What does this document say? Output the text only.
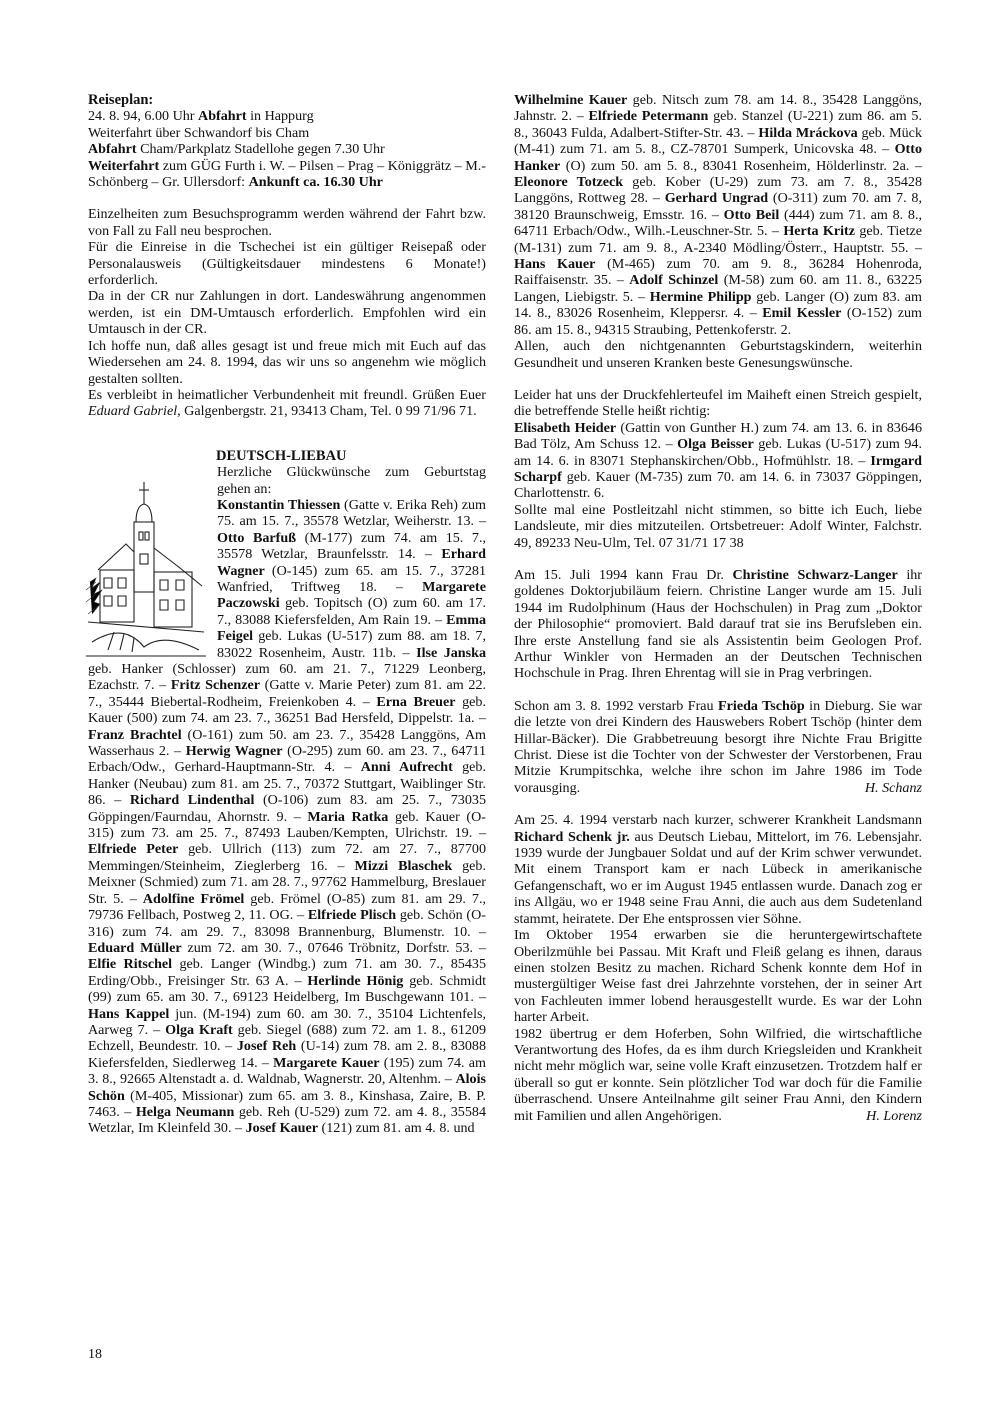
Reiseplan:

24. 8. 94, 6.00 Uhr Abfahrt in Happurg

Weiterfahrt über Schwandorf bis Cham

Abfahrt Cham/Parkplatz Stadellohe gegen 7.30 Uhr

Weiterfahrt zum GÜG Furth i. W. – Pilsen – Prag – Königgrätz – M.-Schönberg – Gr. Ullersdorf: Ankunft ca. 16.30 Uhr

Einzelheiten zum Besuchsprogramm werden während der Fahrt bzw. von Fall zu Fall neu besprochen.

Für die Einreise in die Tschechei ist ein gültiger Reisepaß oder Personalausweis (Gültigkeitsdauer mindestens 6 Monate!) erforderlich.

Da in der CR nur Zahlungen in dort. Landeswährung angenommen werden, ist ein DM-Umtausch erforderlich. Empfohlen wird ein Umtausch in der CR.

Ich hoffe nun, daß alles gesagt ist und freue mich mit Euch auf das Wiedersehen am 24. 8. 1994, das wir uns so angenehm wie möglich gestalten sollten.

Es verbleibt in heimatlicher Verbundenheit mit freundl. Grüßen Euer Eduard Gabriel, Galgenbergstr. 21, 93413 Cham, Tel. 0 99 71/96 71.

DEUTSCH-LIEBAU

Herzliche Glückwünsche zum Geburtstag gehen an:

Konstantin Thiessen (Gatte v. Erika Reh) zum 75. am 15. 7., 35578 Wetzlar, Weiherstr. 13. – Otto Barfuß (M-177) zum 74. am 15. 7., 35578 Wetzlar, Braunfelsstr. 14. – Erhard Wagner (O-145) zum 65. am 15. 7., 37281 Wanfried, Triftweg 18. – Margarete Paczowski geb. Topitsch (O) zum 60. am 17. 7., 83088 Kiefersfelden, Am Rain 19. – Emma Feigel geb. Lukas (U-517) zum 88. am 18. 7, 83022 Rosenheim, Austr. 11b. – Ilse Janska geb. Hanker (Schlosser) zum 60. am 21. 7., 71229 Leonberg, Ezachstr. 7. – Fritz Schenzer (Gatte v. Marie Peter) zum 81. am 22. 7., 35444 Biebertal-Rodheim, Freienkoben 4. – Erna Breuer geb. Kauer (500) zum 74. am 23. 7., 36251 Bad Hersfeld, Dippelstr. 1a. – Franz Brachtel (O-161) zum 50. am 23. 7., 35428 Langgöns, Am Wasserhaus 2. – Herwig Wagner (O-295) zum 60. am 23. 7., 64711 Erbach/Odw., Gerhard-Hauptmann-Str. 4. – Anni Aufrecht geb. Hanker (Neubau) zum 81. am 25. 7., 70372 Stuttgart, Waiblinger Str. 86. – Richard Lindenthal (O-106) zum 83. am 25. 7., 73035 Göppingen/Faurndau, Ahornstr. 9. – Maria Ratka geb. Kauer (O-315) zum 73. am 25. 7., 87493 Lauben/Kempten, Ulrichstr. 19. – Elfriede Peter geb. Ullrich (113) zum 72. am 27. 7., 87700 Memmingen/Steinheim, Zieglerberg 16. – Mizzi Blaschek geb. Meixner (Schmied) zum 71. am 28. 7., 97762 Hammelburg, Breslauer Str. 5. – Adolfine Frömel geb. Frömel (O-85) zum 81. am 29. 7., 79736 Fellbach, Postweg 2, 11. OG. – Elfriede Plisch geb. Schön (O-316) zum 74. am 29. 7., 83098 Brannenburg, Blumenstr. 10. – Eduard Müller zum 72. am 30. 7., 07646 Tröbnitz, Dorfstr. 53. – Elfie Ritschel geb. Langer (Windbg.) zum 71. am 30. 7., 85435 Erding/Obb., Freisinger Str. 63 A. – Herlinde Hönig geb. Schmidt (99) zum 65. am 30. 7., 69123 Heidelberg, Im Buschgewann 101. – Hans Kappel jun. (M-194) zum 60. am 30. 7., 35104 Lichtenfels, Aarweg 7. – Olga Kraft geb. Siegel (688) zum 72. am 1. 8., 61209 Echzell, Beundestr. 10. – Josef Reh (U-14) zum 78. am 2. 8., 83088 Kiefersfelden, Siedlerweg 14. – Margarete Kauer (195) zum 74. am 3. 8., 92665 Altenstadt a. d. Waldnab, Wagnerstr. 20, Altenhm. – Alois Schön (M-405, Missionar) zum 65. am 3. 8., Kinshasa, Zaire, B. P. 7463. – Helga Neumann geb. Reh (U-529) zum 72. am 4. 8., 35584 Wetzlar, Im Kleinfeld 30. – Josef Kauer (121) zum 81. am 4. 8. und

Wilhelmine Kauer geb. Nitsch zum 78. am 14. 8., 35428 Langgöns, Jahnstr. 2. – Elfriede Petermann geb. Stanzel (U-221) zum 86. am 5. 8., 36043 Fulda, Adalbert-Stifter-Str. 43. – Hilda Mráckova geb. Mück (M-41) zum 71. am 5. 8., CZ-78701 Sumperk, Unicovska 48. – Otto Hanker (O) zum 50. am 5. 8., 83041 Rosenheim, Hölderlinstr. 2a. – Eleonore Totzeck geb. Kober (U-29) zum 73. am 7. 8., 35428 Langgöns, Rottweg 28. – Gerhard Ungrad (O-311) zum 70. am 7. 8, 38120 Braunschweig, Emsstr. 16. – Otto Beil (444) zum 71. am 8. 8., 64711 Erbach/Odw., Wilh.-Leuschner-Str. 5. – Herta Kritz geb. Tietze (M-131) zum 71. am 9. 8., A-2340 Mödling/Österr., Hauptstr. 55. – Hans Kauer (M-465) zum 70. am 9. 8., 36284 Hohenroda, Raiffaisenstr. 35. – Adolf Schinzel (M-58) zum 60. am 11. 8., 63225 Langen, Liebigstr. 5. – Hermine Philipp geb. Langer (O) zum 83. am 14. 8., 83026 Rosenheim, Kleppersr. 4. – Emil Kessler (O-152) zum 86. am 15. 8., 94315 Straubing, Pettenkoferstr. 2.

Allen, auch den nichtgenannten Geburtstagskindern, weiterhin Gesundheit und unseren Kranken beste Genesungswünsche.

Leider hat uns der Druckfehlerteufel im Maiheft einen Streich gespielt, die betreffende Stelle heißt richtig:

Elisabeth Heider (Gattin von Gunther H.) zum 74. am 13. 6. in 83646 Bad Tölz, Am Schuss 12. – Olga Beisser geb. Lukas (U-517) zum 94. am 14. 6. in 83071 Stephanskirchen/Obb., Hofmühlstr. 18. – Irmgard Scharpf geb. Kauer (M-735) zum 70. am 14. 6. in 73037 Göppingen, Charlottenstr. 6.

Sollte mal eine Postleitzahl nicht stimmen, so bitte ich Euch, liebe Landsleute, mir dies mitzuteilen. Ortsbetreuer: Adolf Winter, Falchstr. 49, 89233 Neu-Ulm, Tel. 07 31/71 17 38

Am 15. Juli 1994 kann Frau Dr. Christine Schwarz-Langer ihr goldenes Doktorjubiläum feiern. Christine Langer wurde am 15. Juli 1944 im Rudolphinum (Haus der Hochschulen) in Prag zum „Doktor der Philosophie“ promoviert. Bald darauf trat sie ins Berufsleben ein. Ihre erste Anstellung fand sie als Assistentin beim Geologen Prof. Arthur Winkler von Hermaden an der Deutschen Technischen Hochschule in Prag. Ihren Ehrentag will sie in Prag verbringen.

Schon am 3. 8. 1992 verstarb Frau Frieda Tschöp in Dieburg. Sie war die letzte von drei Kindern des Hauswebers Robert Tschöp (hinter dem Hillar-Bäcker). Die Grabbetreuung besorgt ihre Nichte Frau Brigitte Christ. Diese ist die Tochter von der Schwester der Verstorbenen, Frau Mitzie Krumpitschka, welche ihre schon im Jahre 1986 im Tode vorausging.	H. Schanz

Am 25. 4. 1994 verstarb nach kurzer, schwerer Krankheit Landsmann Richard Schenk jr. aus Deutsch Liebau, Mittelort, im 76. Lebensjahr. 1939 wurde der Jungbauer Soldat und auf der Krim schwer verwundet. Mit einem Transport kam er nach Lübeck in amerikanische Gefangenschaft, wo er im August 1945 entlassen wurde. Danach zog er ins Allgäu, wo er 1948 seine Frau Anni, die auch aus dem Sudetenland stammt, heiratete. Der Ehe entsprossen vier Söhne.

Im Oktober 1954 erwarben sie die heruntergewirtschaftete Oberilzmühle bei Passau. Mit Kraft und Fleiß gelang es ihnen, daraus einen stolzen Besitz zu machen. Richard Schenk konnte dem Hof in mustergültiger Weise fast drei Jahrzehnte vorstehen, der in seiner Art von Fachleuten immer lobend herausgestellt wurde. Es war der Lohn harter Arbeit.

1982 übertrug er dem Hoferben, Sohn Wilfried, die wirtschaftliche Verantwortung des Hofes, da es ihm durch Kriegsleiden und Krankheit nicht mehr möglich war, seine volle Kraft einzusetzen. Trotzdem half er überall so gut er konnte. Sein plötzlicher Tod war doch für die Familie überraschend. Unsere Anteilnahme gilt seiner Frau Anni, den Kindern mit Familien und allen Angehörigen.	H. Lorenz

18
